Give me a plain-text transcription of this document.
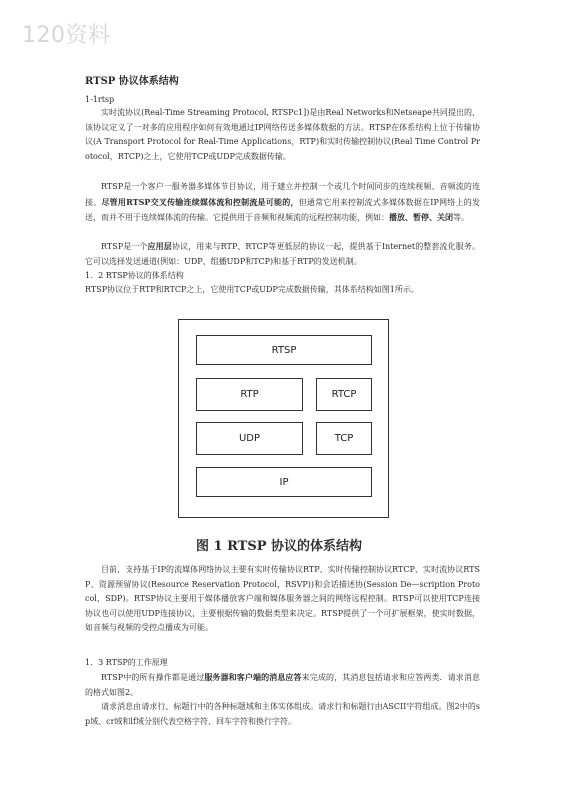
120资料
RTSP 协议体系结构
1-1rtsp

实时流协议(Real-Time Streaming Protocol, RTSPc1])是由Real Networks和Netseape共同提出的，该协议定义了一对多的应用程序如何有效地通过IP网络传送多媒体数据的方法。RTSP在体系结构上位于传输协议(A Transport Protocol for Real-Time Applications，RTP)和实时传输控制协议(Real Time Control Protocol，RTCP)之上，它使用TCP或UDP完成数据传输。

RTSP是一个客户一服务器多媒体节目协议，用于建立并控制一个或几个时间同步的连续视频、音频流的连接。尽管用RTSP交叉传输连续媒体流和控制流是可能的，但通常它用来控制流式多媒体数据在IP网络上的发送，而并不用于连续媒体流的传输。它提供用于音频和视频流的远程控制功能，例如：播放、暂停、关闭等。

RTSP是一个应用层协议，用来与RTP、RTCP等更低层的协议一起，提供基于Internet的整套流化服务。它可以选择发送通道(例如：UDP、组播UDP和TCP)和基于RTP的发送机制。

1．2 RTSP协议的体系结构

RTSP协议位于RTP和RTCP之上，它使用TCP或UDP完成数据传输，其体系结构如图1所示。

RTSP
RTP	RTCP
UDP	TCP
IP
图 1 RTSP 协议的体系结构

目前，支持基于IP的流媒体网络协议主要有实时传输协议RTP、实时传输控制协议RTCP、实时流协议RTSP、资源预留协议(Resource Reservation Protocol，RSVP))和会话描述协(Session De—scription Protocol，SDP)。RTSP协议主要用于媒体播放客户端和媒体服务器之间的网络远程控制。RTSP可以使用TCP连接协议也可以使用UDP连接协议，主要根据传输的数据类型来决定。RTSP提供了一个可扩展框架，使实时数据，如音频与视频的受控点播成为可能。

1．3 RTSP的工作原理

RTSP中的所有操作都是通过服务器和客户端的消息应答来完成的，其消息包括请求和应答两类．请求消息的格式如图2。

请求消息由请求行、标题行中的各种标题域和主体实体组成。请求行和标题行由ASCII字符组成。图2中的sp域、cr域和lf域分别代表空格字符、回车字符和换行字符。
